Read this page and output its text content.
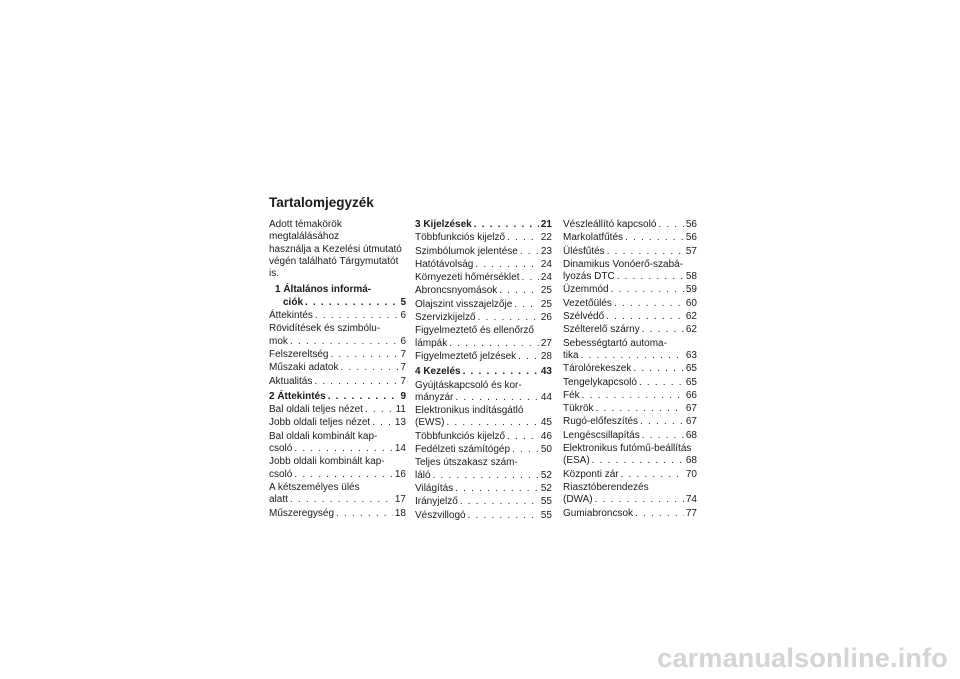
Tartalomjegyzék
Adott témakörök megtalálásához
használja a Kezelési útmutató
végén található Tárgymutatót is.
1 Általános informá-
ciók . . .	5
Áttekintés . . .	6
Rövidítések és szimbólu-
mok . . .	6
Felszereltség . . .	7
Műszaki adatok . . .	7
Aktualitás . . .	7
2 Áttekintés . . .	9
Bal oldali teljes nézet . . .	11
Jobb oldali teljes nézet . . . 13
Bal oldali kombinált kap-
csoló . . .	14
Jobb oldali kombinált kap-
csoló . . .	16
A kétszemélyes ülés
alatt . . .	17
Műszeregység . . .	18
3 Kijelzések . . .	21
Többfunkciós kijelző . . .	22
Szimbólumok jelentése . . . 23
Hatótávolság . . .	24
Környezeti hőmérséklet . . . 24
Abroncsnyomások . . .	25
Olajszint visszajelzője . . .	25
Szervizkijelző . . .	26
Figyelmeztető és ellenőrző
lámpák . . .	27
Figyelmeztető jelzések . . . 28
4 Kezelés . . .	43
Gyújtáskapcsoló és kor-
mányzár . . .	44
Elektronikus indításgátló
(EWS) . . .	45
Többfunkciós kijelző . . .	46
Fedélzeti számítógép . . .	50
Teljes útszakasz szám-
láló . . .	52
Világítás . . .	52
Irányjelző . . .	55
Vészvillogó . . .	55
Vészleállító kapcsoló . . .	56
Markolatfűtés . . .	56
Ülésfűtés . . .	57
Dinamikus Vonóerő-szabá-
lyozás DTC . . .	58
Üzemmód . . .	59
Vezetőülés . . .	60
Szélvédő . . .	62
Szélterelő szárny . . .	62
Sebességtartó automa-
tika . . .	63
Tárolórekeszek . . .	65
Tengelykapcsoló . . .	65
Fék . . .	66
Tükrök . . .	67
Rugó-előfeszítés . . .	67
Lengéscsillapítás . . .	68
Elektronikus futómű-beállítás
(ESA) . . .	68
Központi zár . . .	70
Riasztóberendezés
(DWA) . . .	74
Gumiabroncsok . . .	77
carmanualsonline.info
